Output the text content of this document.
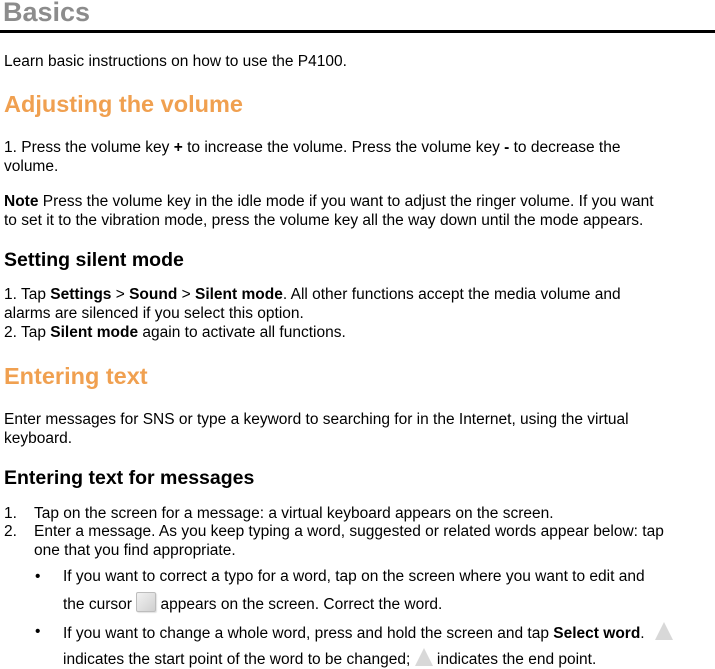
Basics
Learn basic instructions on how to use the P4100.
Adjusting the volume
1. Press the volume key + to increase the volume. Press the volume key - to decrease the
volume.
Note Press the volume key in the idle mode if you want to adjust the ringer volume. If you want
to set it to the vibration mode, press the volume key all the way down until the mode appears.
Setting silent mode
1. Tap Settings > Sound > Silent mode. All other functions accept the media volume and
alarms are silenced if you select this option.
2. Tap Silent mode again to activate all functions.
Entering text
Enter messages for SNS or type a keyword to searching for in the Internet, using the virtual
keyboard.
Entering text for messages
1. Tap on the screen for a message: a virtual keyboard appears on the screen.
2. Enter a message. As you keep typing a word, suggested or related words appear below: tap
one that you find appropriate.
• If you want to correct a typo for a word, tap on the screen where you want to edit and
the cursor  appears on the screen. Correct the word.
• If you want to change a whole word, press and hold the screen and tap Select word.
indicates the start point of the word to be changed;  indicates the end point.
